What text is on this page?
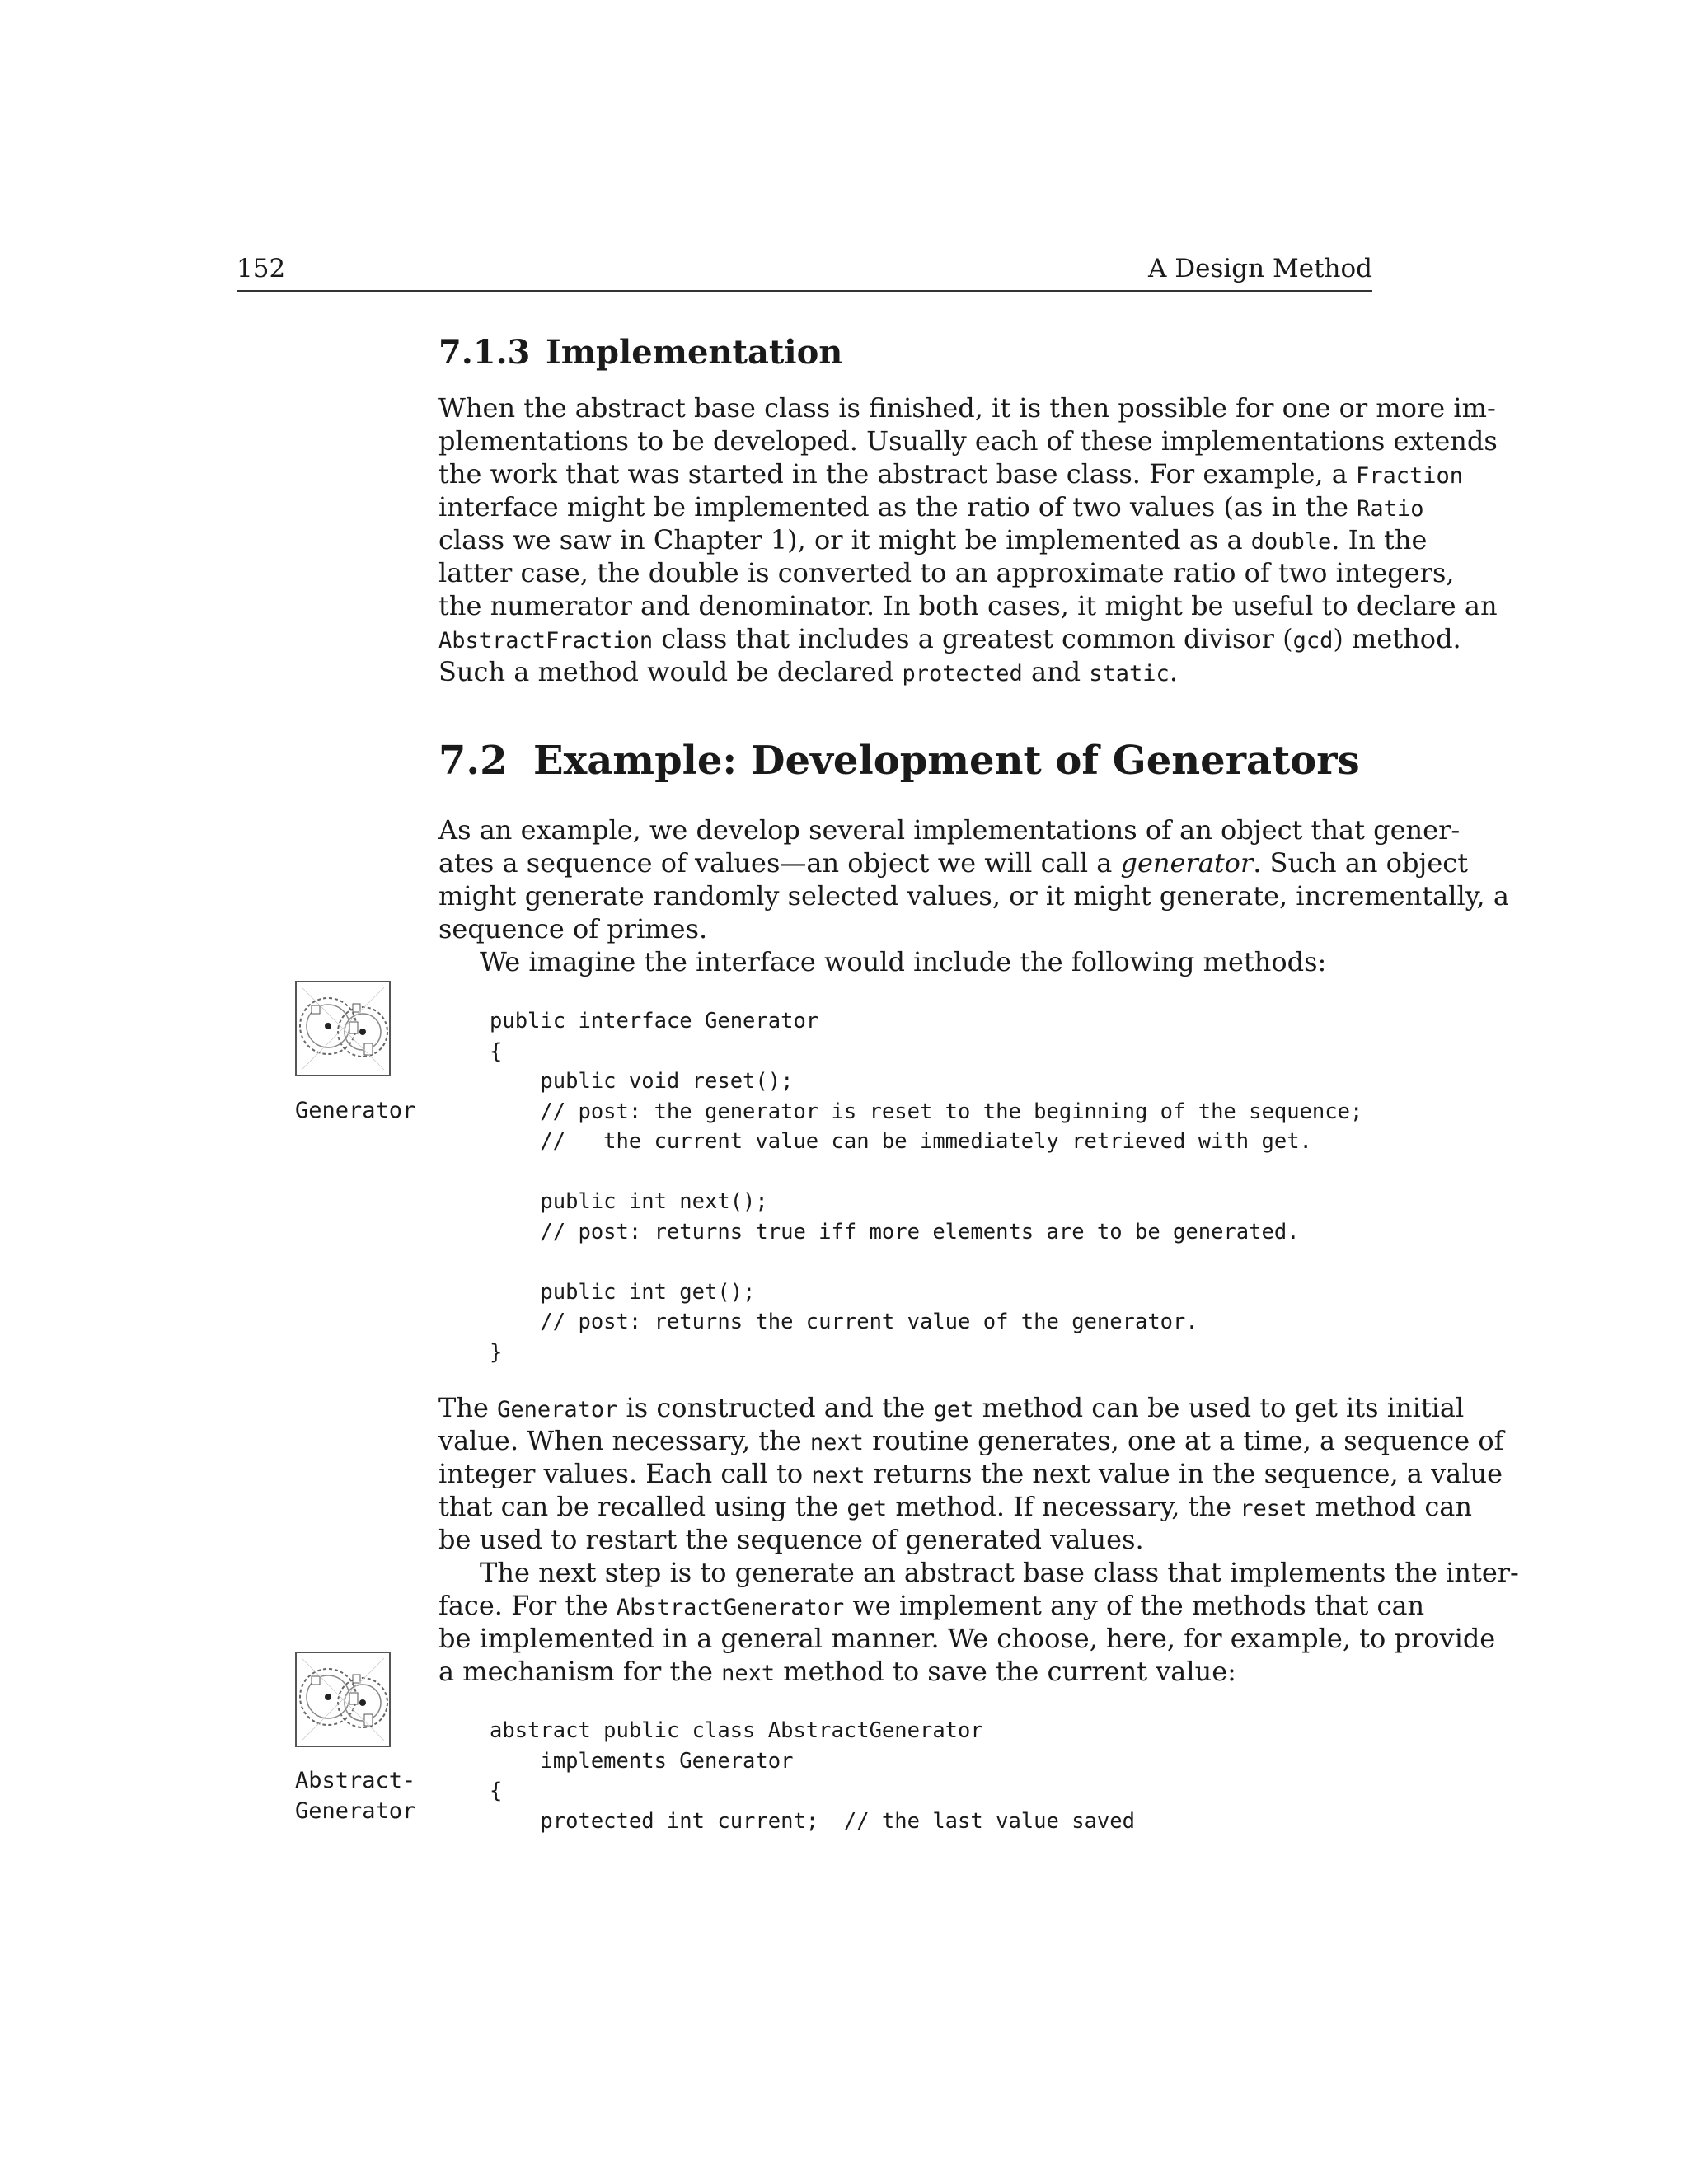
152	A Design Method
7.1.3 Implementation
When the abstract base class is finished, it is then possible for one or more im-
plementations to be developed. Usually each of these implementations extends
the work that was started in the abstract base class. For example, a Fraction
interface might be implemented as the ratio of two values (as in the Ratio
class we saw in Chapter 1), or it might be implemented as a double. In the
latter case, the double is converted to an approximate ratio of two integers,
the numerator and denominator. In both cases, it might be useful to declare an
AbstractFraction class that includes a greatest common divisor (gcd) method.
Such a method would be declared protected and static.
7.2 Example: Development of Generators
As an example, we develop several implementations of an object that gener-
ates a sequence of values—an object we will call a generator. Such an object
might generate randomly selected values, or it might generate, incrementally, a
sequence of primes.
We imagine the interface would include the following methods:
Generator
public interface Generator
{
public void reset();
// post: the generator is reset to the beginning of the sequence;
//   the current value can be immediately retrieved with get.
public int next();
// post: returns true iff more elements are to be generated.
public int get();
// post: returns the current value of the generator.
}
The Generator is constructed and the get method can be used to get its initial
value. When necessary, the next routine generates, one at a time, a sequence of
integer values. Each call to next returns the next value in the sequence, a value
that can be recalled using the get method. If necessary, the reset method can
be used to restart the sequence of generated values.
The next step is to generate an abstract base class that implements the inter-
face. For the AbstractGenerator we implement any of the methods that can
be implemented in a general manner. We choose, here, for example, to provide
a mechanism for the next method to save the current value:
Abstract-
Generator
abstract public class AbstractGenerator
implements Generator
{
protected int current;  // the last value saved
